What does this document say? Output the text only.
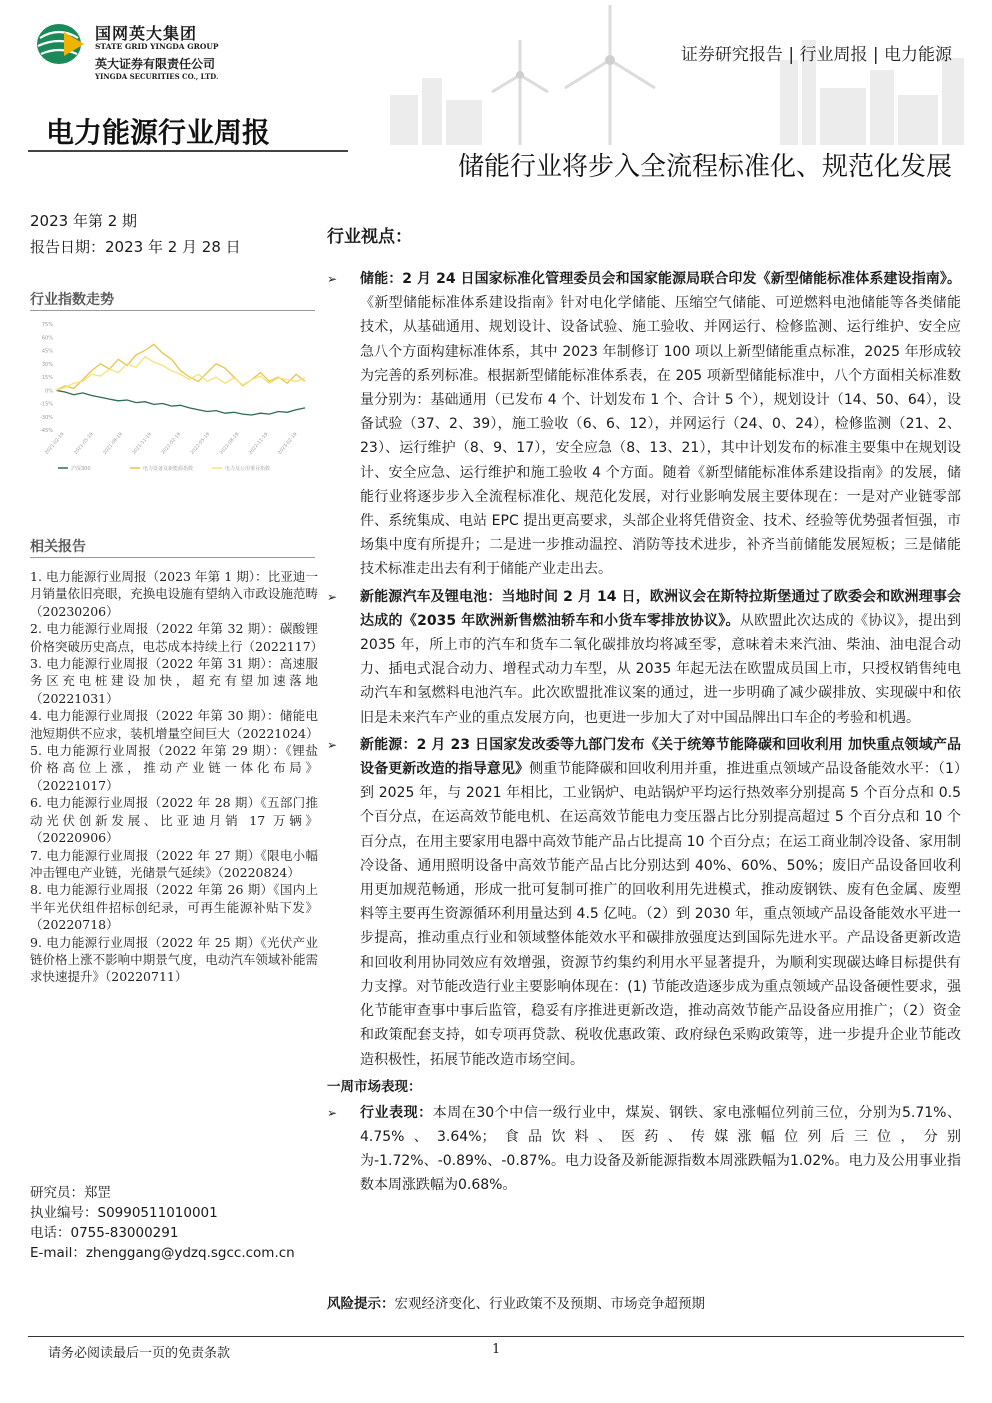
国网英大集团
STATE GRID YINGDA GROUP
英大证券有限责任公司
YINGDA SECURITIES CO., LTD.
证券研究报告 | 行业周报 | 电力能源
电力能源行业周报
储能行业将步入全流程标准化、规范化发展
2023 年第 2 期
报告日期：2023 年 2 月 28 日
行业指数走势
75%
60%
45%
30%
15%
0%
-15%
-30%
-45%
2021-02-19 2021-05-19 2021-08-19 2021-11-19 2022-02-19 2022-05-19 2022-08-19 2022-11-19 2023-02-19
沪深300	电力设备及新能源指数	电力及公用事业指数
相关报告
1. 电力能源行业周报（2023 年第 1 期）：比亚迪一月销量依旧亮眼，充换电设施有望纳入市政设施范畴（20230206）
2. 电力能源行业周报（2022 年第 32 期）：碳酸锂价格突破历史高点，电芯成本持续上行（2022117）
3. 电力能源行业周报（2022 年第 31 期）：高速服务区充电桩建设加快，超充有望加速落地（20221031）
4. 电力能源行业周报（2022 年第 30 期）：储能电池短期供不应求，装机增量空间巨大（20221024）
5. 电力能源行业周报（2022 年第 29 期）：《锂盐价格高位上涨，推动产业链一体化布局》（20221017）
6. 电力能源行业周报（2022 年 28 期）《五部门推动光伏创新发展、比亚迪月销 17 万辆》（20220906）
7. 电力能源行业周报（2022 年 27 期）《限电小幅冲击锂电产业链，光储景气延续》（20220824）
8. 电力能源行业周报（2022 年第 26 期）《国内上半年光伏组件招标创纪录，可再生能源补贴下发》（20220718）
9. 电力能源行业周报（2022 年 25 期）《光伏产业链价格上涨不影响中期景气度，电动汽车领域补能需求快速提升》（20220711）
研究员：郑罡
执业编号：S0990511010001
电话：0755-83000291
E-mail：zhenggang@ydzq.sgcc.com.cn
行业视点：
➢ 储能：2 月 24 日国家标准化管理委员会和国家能源局联合印发《新型储能标准体系建设指南》。《新型储能标准体系建设指南》针对电化学储能、压缩空气储能、可逆燃料电池储能等各类储能技术，从基础通用、规划设计、设备试验、施工验收、并网运行、检修监测、运行维护、安全应急八个方面构建标准体系，其中 2023 年制修订 100 项以上新型储能重点标准，2025 年形成较为完善的系列标准。根据新型储能标准体系表，在 205 项新型储能标准中，八个方面相关标准数量分别为：基础通用（已发布 4 个、计划发布 1 个、合计 5 个），规划设计（14、50、64），设备试验（37、2、39），施工验收（6、6、12），并网运行（24、0、24），检修监测（21、2、23）、运行维护（8、9、17），安全应急（8、13、21），其中计划发布的标准主要集中在规划设计、安全应急、运行维护和施工验收 4 个方面。随着《新型储能标准体系建设指南》的发展，储能行业将逐步步入全流程标准化、规范化发展，对行业影响发展主要体现在：一是对产业链零部件、系统集成、电站 EPC 提出更高要求，头部企业将凭借资金、技术、经验等优势强者恒强，市场集中度有所提升；二是进一步推动温控、消防等技术进步，补齐当前储能发展短板；三是储能技术标准走出去有利于储能产业走出去。
➢ 新能源汽车及锂电池：当地时间 2 月 14 日，欧洲议会在斯特拉斯堡通过了欧委会和欧洲理事会达成的《2035 年欧洲新售燃油轿车和小货车零排放协议》。从欧盟此次达成的《协议》，提出到 2035 年，所上市的汽车和货车二氧化碳排放均将减至零，意味着未来汽油、柴油、油电混合动力、插电式混合动力、增程式动力车型，从 2035 年起无法在欧盟成员国上市，只授权销售纯电动汽车和氢燃料电池汽车。此次欧盟批准议案的通过，进一步明确了减少碳排放、实现碳中和依旧是未来汽车产业的重点发展方向，也更进一步加大了对中国品牌出口车企的考验和机遇。
➢ 新能源：2 月 23 日国家发改委等九部门发布《关于统筹节能降碳和回收利用 加快重点领域产品设备更新改造的指导意见》侧重节能降碳和回收利用并重，推进重点领域产品设备能效水平：（1）到 2025 年，与 2021 年相比，工业锅炉、电站锅炉平均运行热效率分别提高 5 个百分点和 0.5 个百分点，在运高效节能电机、在运高效节能电力变压器占比分别提高超过 5 个百分点和 10 个百分点，在用主要家用电器中高效节能产品占比提高 10 个百分点；在运工商业制冷设备、家用制冷设备、通用照明设备中高效节能产品占比分别达到 40%、60%、50%；废旧产品设备回收利用更加规范畅通，形成一批可复制可推广的回收利用先进模式，推动废钢铁、废有色金属、废塑料等主要再生资源循环利用量达到 4.5 亿吨。（2）到 2030 年，重点领域产品设备能效水平进一步提高，推动重点行业和领域整体能效水平和碳排放强度达到国际先进水平。产品设备更新改造和回收利用协同效应有效增强，资源节约集约利用水平显著提升，为顺利实现碳达峰目标提供有力支撑。对节能改造行业主要影响体现在：(1) 节能改造逐步成为重点领域产品设备硬性要求，强化节能审查事中事后监管，稳妥有序推进更新改造，推动高效节能产品设备应用推广；（2）资金和政策配套支持，如专项再贷款、税收优惠政策、政府绿色采购政策等，进一步提升企业节能改造积极性，拓展节能改造市场空间。
一周市场表现：
➢ 行业表现：本周在30个中信一级行业中，煤炭、钢铁、家电涨幅位列前三位，分别为5.71%、4.75%、3.64%；食品饮料、医药、传媒涨幅位列后三位，分别为-1.72%、-0.89%、-0.87%。电力设备及新能源指数本周涨跌幅为1.02%。电力及公用事业指数本周涨跌幅为0.68%。
风险提示：宏观经济变化、行业政策不及预期、市场竞争超预期
请务必阅读最后一页的免责条款	1
